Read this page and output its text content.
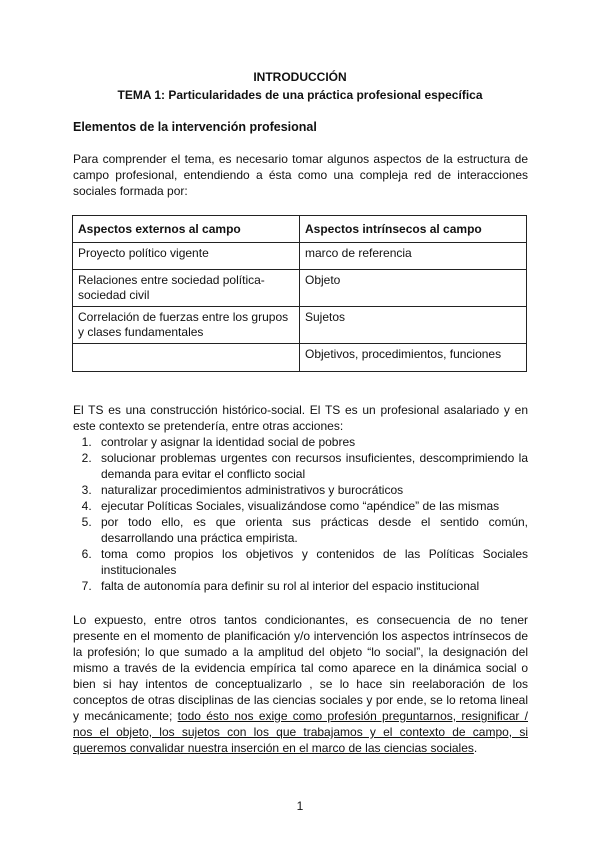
INTRODUCCIÓN
TEMA 1: Particularidades de una práctica profesional específica
Elementos de la intervención profesional
Para comprender el tema, es necesario tomar algunos aspectos de la estructura de campo profesional, entendiendo a ésta como una compleja red de interacciones sociales formada por:
Aspectos externos al campo	Aspectos intrínsecos al campo
Proyecto político vigente	marco de referencia
Relaciones entre sociedad política-sociedad civil	Objeto
Correlación de fuerzas entre los grupos y clases fundamentales	Sujetos
	Objetivos, procedimientos, funciones
El TS es una construcción histórico-social. El TS es un profesional asalariado y en este contexto se pretendería, entre otras acciones:
1. controlar y asignar la identidad social de pobres
2. solucionar problemas urgentes con recursos insuficientes, descomprimiendo la demanda para evitar el conflicto social
3. naturalizar procedimientos administrativos y burocráticos
4. ejecutar Políticas Sociales, visualizándose como “apéndice” de las mismas
5. por todo ello, es que orienta sus prácticas desde el sentido común, desarrollando una práctica empirista.
6. toma como propios los objetivos y contenidos de las Políticas Sociales institucionales
7. falta de autonomía para definir su rol al interior del espacio institucional
Lo expuesto, entre otros tantos condicionantes, es consecuencia de no tener presente en el momento de planificación y/o intervención los aspectos intrínsecos de la profesión; lo que sumado a la amplitud del objeto “lo social”, la designación del mismo a través de la evidencia empírica tal como aparece en la dinámica social o bien si hay intentos de conceptualizarlo , se lo hace sin reelaboración de los conceptos de otras disciplinas de las ciencias sociales y por ende, se lo retoma lineal y mecánicamente; todo ésto nos exige como profesión preguntarnos, resignificar / nos el objeto, los sujetos con los que trabajamos y el contexto de campo, si queremos convalidar nuestra inserción en el marco de las ciencias sociales.
1
